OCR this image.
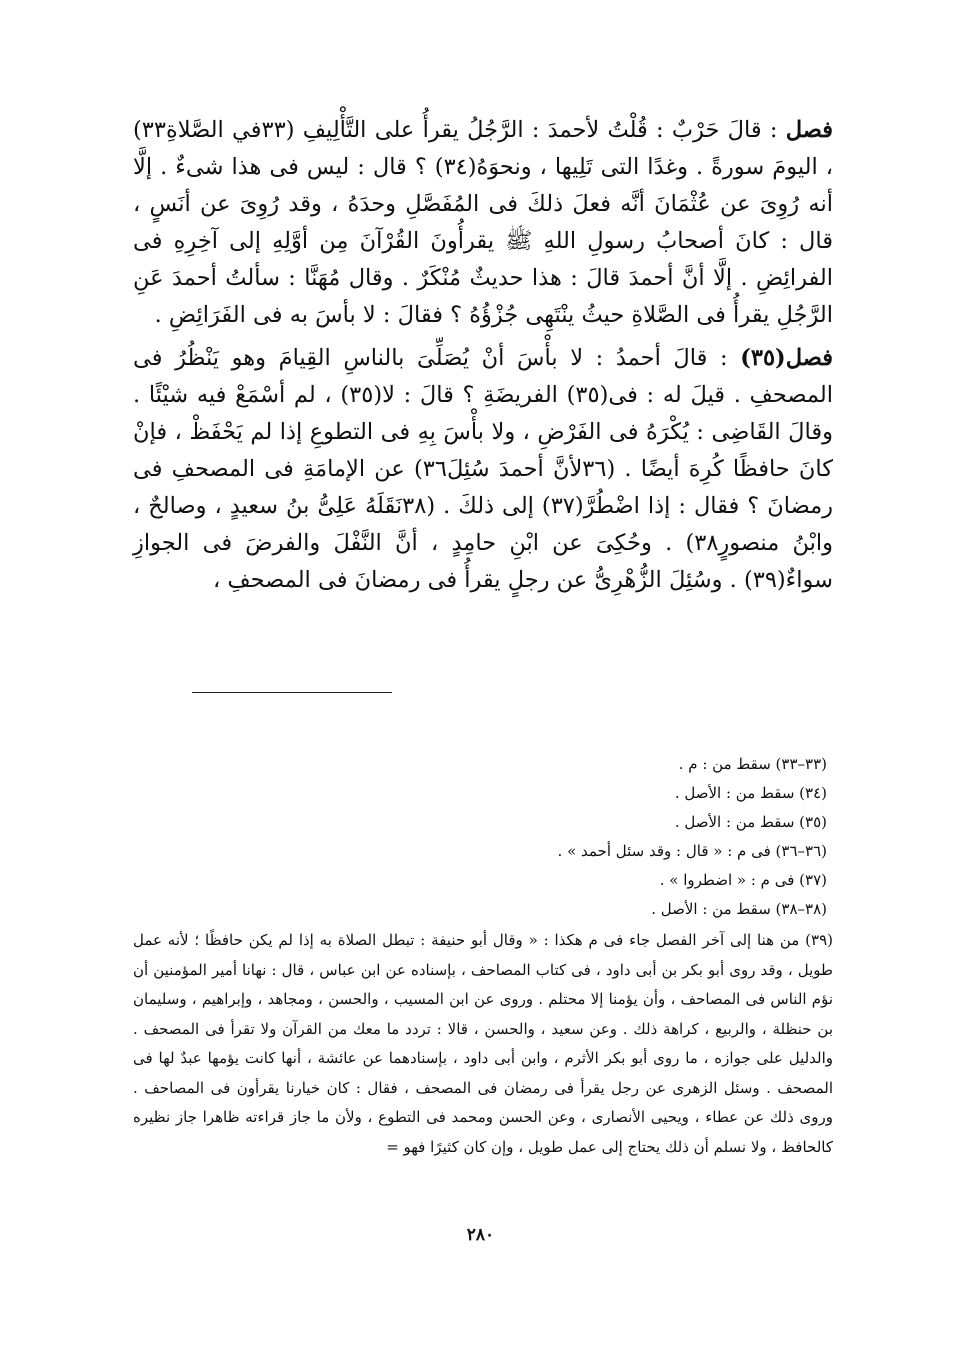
فصل : قالَ حَرْبٌ : قُلْتُ لأحمدَ : الرَّجُلُ يقرأُ على التَّأْلِيفِ (٣٣في الصَّلاةِ٣٣) ، اليومَ سورةً . وغدًا التى تَلِيها ، ونحوَهُ(٣٤) ؟ قال : ليس فى هذا شىءٌ . إلَّا أنه رُوِىَ عن عُثْمَانَ أنَّه فعلَ ذلكَ فى المُفَصَّلِ وحدَهُ ، وقد رُوِىَ عن أنَسٍ ، قال : كانَ أصحابُ رسولِ اللهِ ﷺ يقرأُونَ القُرْآنَ مِن أوَّلِهِ إلى آخِرِهِ فى الفرائِضِ . إلَّا أنَّ أحمدَ قالَ : هذا حديثٌ مُنْكَرٌ . وقال مُهَنَّا : سألتُ أحمدَ عَنِ الرَّجُلِ يقرأُ فى الصَّلاةِ حيثُ ينْتَهِى جُزْؤُهُ ؟ فقالَ : لا بأسَ به فى الفَرَائِضِ .

فصل(٣٥) : قالَ أحمدُ : لا بأْسَ أنْ يُصَلِّىَ بالناسِ القِيامَ وهو يَنْظُرُ فى المصحفِ . قيلَ له : فى(٣٥) الفريضَةِ ؟ قالَ : لا(٣٥) ، لم أسْمَعْ فيه شيْئًا . وقالَ القَاضِى : يُكْرَهُ فى الفَرْضِ ، ولا بأْسَ بِهِ فى التطوعِ إذا لم يَحْفَظْ ، فإنْ كانَ حافظًا كُرِهَ أيضًا . (٣٦لأنَّ أحمدَ سُئِلَ٣٦) عن الإمامَةِ فى المصحفِ فى رمضانَ ؟ فقال : إذا اضْطُرَّ(٣٧) إلى ذلكَ . (٣٨نَقَلَهُ عَلِىُّ بنُ سعيدٍ ، وصالحٌ ، وابْنُ منصورٍ٣٨) . وحُكِىَ عن ابْنِ حامِدٍ ، أنَّ النَّفْلَ والفرضَ فى الجوازِ سواءٌ(٣٩) . وسُئِلَ الزُّهْرِىُّ عن رجلٍ يقرأُ فى رمضانَ فى المصحفِ ،

(٣٣–٣٣) سقط من : م .
(٣٤) سقط من : الأصل .
(٣٥) سقط من : الأصل .
(٣٦–٣٦) فى م : « قال : وقد سئل أحمد » .
(٣٧) فى م : « اضطروا » .
(٣٨–٣٨) سقط من : الأصل .

(٣٩) من هنا إلى آخر الفصل جاء فى م هكذا : « وقال أبو حنيفة : تبطل الصلاة به إذا لم يكن حافظًا ؛ لأنه عمل طويل ، وقد روى أبو بكر بن أبى داود ، فى كتاب المصاحف ، بإسناده عن ابن عباس ، قال : نهانا أمير المؤمنين أن نؤم الناس فى المصاحف ، وأن يؤمنا إلا محتلم . وروى عن ابن المسيب ، والحسن ، ومجاهد ، وإبراهيم ، وسليمان بن حنظلة ، والربيع ، كراهة ذلك . وعن سعيد ، والحسن ، قالا : تردد ما معك من القرآن ولا تقرأ فى المصحف . والدليل على جوازه ، ما روى أبو بكر الأثرم ، وابن أبى داود ، بإسنادهما عن عائشة ، أنها كانت يؤمها عبدٌ لها فى المصحف . وسئل الزهرى عن رجل يقرأ فى رمضان فى المصحف ، فقال : كان خيارنا يقرأون فى المصاحف . وروى ذلك عن عطاء ، ويحيى الأنصارى ، وعن الحسن ومحمد فى التطوع ، ولأن ما جاز قراءته ظاهرا جاز نظيره كالحافظ ، ولا نسلم أن ذلك يحتاج إلى عمل طويل ، وإن كان كثيرًا فهو =

٢٨٠
